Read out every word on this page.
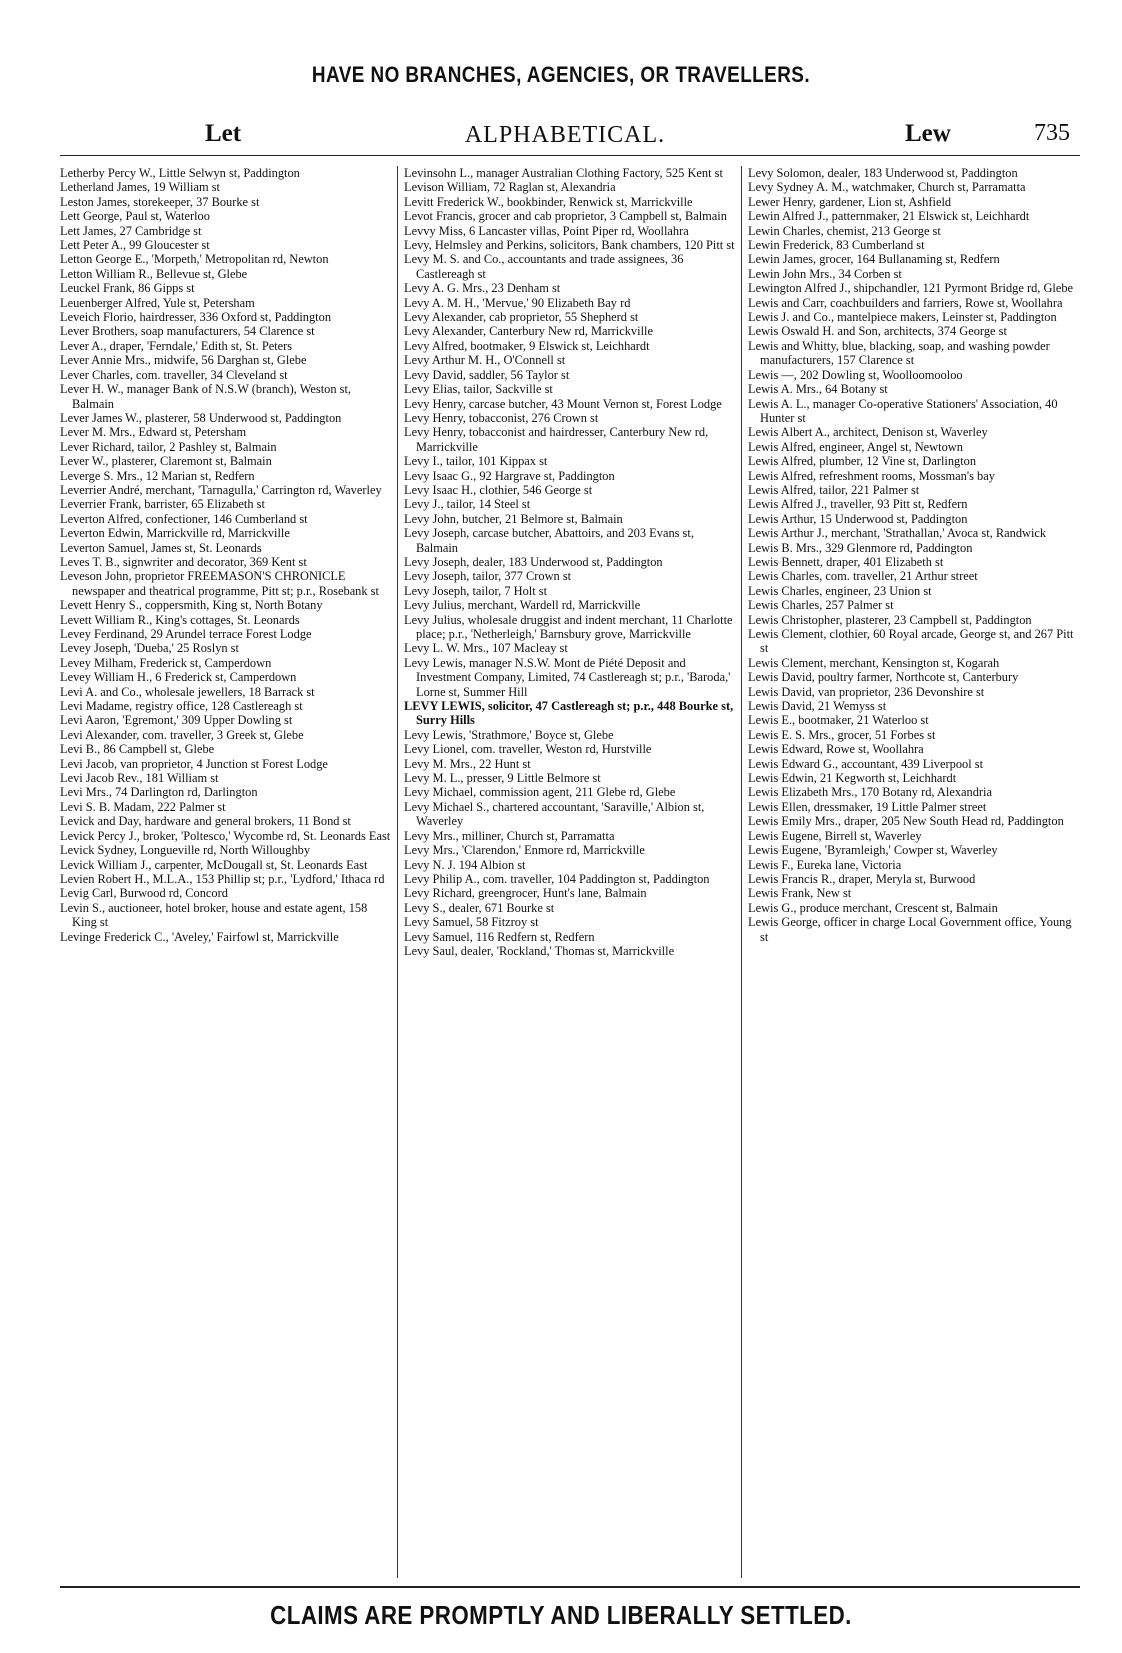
HAVE NO BRANCHES, AGENCIES, OR TRAVELLERS.
Let	ALPHABETICAL.	Lew	735

Letherby Percy W., Little Selwyn st, Paddington

Letherland James, 19 William st

Leston James, storekeeper, 37 Bourke st

Lett George, Paul st, Waterloo

Lett James, 27 Cambridge st

Lett Peter A., 99 Gloucester st

Letton George E., 'Morpeth,' Metropolitan rd, Newton

Letton William R., Bellevue st, Glebe

Leuckel Frank, 86 Gipps st

Leuenberger Alfred, Yule st, Petersham

Leveich Florio, hairdresser, 336 Oxford st, Paddington

Lever Brothers, soap manufacturers, 54 Clarence st

Lever A., draper, 'Ferndale,' Edith st, St. Peters

Lever Annie Mrs., midwife, 56 Darghan st, Glebe

Lever Charles, com. traveller, 34 Cleveland st

Lever H. W., manager Bank of N.S.W (branch), Weston st, Balmain

Lever James W., plasterer, 58 Underwood st, Paddington

Lever M. Mrs., Edward st, Petersham

Lever Richard, tailor, 2 Pashley st, Balmain

Lever W., plasterer, Claremont st, Balmain

Leverge S. Mrs., 12 Marian st, Redfern

Leverrier André, merchant, 'Tarnagulla,' Carrington rd, Waverley

Leverrier Frank, barrister, 65 Elizabeth st

Leverton Alfred, confectioner, 146 Cumberland st

Leverton Edwin, Marrickville rd, Marrickville

Leverton Samuel, James st, St. Leonards

Leves T. B., signwriter and decorator, 369 Kent st

Leveson John, proprietor FREEMASON'S CHRONICLE newspaper and theatrical programme, Pitt st; p.r., Rosebank st

Levett Henry S., coppersmith, King st, North Botany

Levett William R., King's cottages, St. Leonards

Levey Ferdinand, 29 Arundel terrace Forest Lodge

Levey Joseph, 'Dueba,' 25 Roslyn st

Levey Milham, Frederick st, Camperdown

Levey William H., 6 Frederick st, Camperdown

Levi A. and Co., wholesale jewellers, 18 Barrack st

Levi Madame, registry office, 128 Castlereagh st

Levi Aaron, 'Egremont,' 309 Upper Dowling st

Levi Alexander, com. traveller, 3 Greek st, Glebe

Levi B., 86 Campbell st, Glebe

Levi Jacob, van proprietor, 4 Junction st Forest Lodge

Levi Jacob Rev., 181 William st

Levi Mrs., 74 Darlington rd, Darlington

Levi S. B. Madam, 222 Palmer st

Levick and Day, hardware and general brokers, 11 Bond st

Levick Percy J., broker, 'Poltesco,' Wycombe rd, St. Leonards East

Levick Sydney, Longueville rd, North Willoughby

Levick William J., carpenter, McDougall st, St. Leonards East

Levien Robert H., M.L.A., 153 Phillip st; p.r., 'Lydford,' Ithaca rd

Levig Carl, Burwood rd, Concord

Levin S., auctioneer, hotel broker, house and estate agent, 158 King st

Levinge Frederick C., 'Aveley,' Fairfowl st, Marrickville

Levinsohn L., manager Australian Clothing Factory, 525 Kent st

Levison William, 72 Raglan st, Alexandria

Levitt Frederick W., bookbinder, Renwick st, Marrickville

Levot Francis, grocer and cab proprietor, 3 Campbell st, Balmain

Levvy Miss, 6 Lancaster villas, Point Piper rd, Woollahra

Levy, Helmsley and Perkins, solicitors, Bank chambers, 120 Pitt st

Levy M. S. and Co., accountants and trade assignees, 36 Castlereagh st

Levy A. G. Mrs., 23 Denham st

Levy A. M. H., 'Mervue,' 90 Elizabeth Bay rd

Levy Alexander, cab proprietor, 55 Shepherd st

Levy Alexander, Canterbury New rd, Marrickville

Levy Alfred, bootmaker, 9 Elswick st, Leichhardt

Levy Arthur M. H., O'Connell st

Levy David, saddler, 56 Taylor st

Levy Elias, tailor, Sackville st

Levy Henry, carcase butcher, 43 Mount Vernon st, Forest Lodge

Levy Henry, tobacconist, 276 Crown st

Levy Henry, tobacconist and hairdresser, Canterbury New rd, Marrickville

Levy I., tailor, 101 Kippax st

Levy Isaac G., 92 Hargrave st, Paddington

Levy Isaac H., clothier, 546 George st

Levy J., tailor, 14 Steel st

Levy John, butcher, 21 Belmore st, Balmain

Levy Joseph, carcase butcher, Abattoirs, and 203 Evans st, Balmain

Levy Joseph, dealer, 183 Underwood st, Paddington

Levy Joseph, tailor, 377 Crown st

Levy Joseph, tailor, 7 Holt st

Levy Julius, merchant, Wardell rd, Marrickville

Levy Julius, wholesale druggist and indent merchant, 11 Charlotte place; p.r., 'Netherleigh,' Barnsbury grove, Marrickville

Levy L. W. Mrs., 107 Macleay st

Levy Lewis, manager N.S.W. Mont de Piété Deposit and Investment Company, Limited, 74 Castlereagh st; p.r., 'Baroda,' Lorne st, Summer Hill

LEVY LEWIS, solicitor, 47 Castlereagh st; p.r., 448 Bourke st, Surry Hills

Levy Lewis, 'Strathmore,' Boyce st, Glebe

Levy Lionel, com. traveller, Weston rd, Hurstville

Levy M. Mrs., 22 Hunt st

Levy M. L., presser, 9 Little Belmore st

Levy Michael, commission agent, 211 Glebe rd, Glebe

Levy Michael S., chartered accountant, 'Saraville,' Albion st, Waverley

Levy Mrs., milliner, Church st, Parramatta

Levy Mrs., 'Clarendon,' Enmore rd, Marrickville

Levy N. J. 194 Albion st

Levy Philip A., com. traveller, 104 Paddington st, Paddington

Levy Richard, greengrocer, Hunt's lane, Balmain

Levy S., dealer, 671 Bourke st

Levy Samuel, 58 Fitzroy st

Levy Samuel, 116 Redfern st, Redfern

Levy Saul, dealer, 'Rockland,' Thomas st, Marrickville

Levy Solomon, dealer, 183 Underwood st, Paddington

Levy Sydney A. M., watchmaker, Church st, Parramatta

Lewer Henry, gardener, Lion st, Ashfield

Lewin Alfred J., patternmaker, 21 Elswick st, Leichhardt

Lewin Charles, chemist, 213 George st

Lewin Frederick, 83 Cumberland st

Lewin James, grocer, 164 Bullanaming st, Redfern

Lewin John Mrs., 34 Corben st

Lewington Alfred J., shipchandler, 121 Pyrmont Bridge rd, Glebe

Lewis and Carr, coachbuilders and farriers, Rowe st, Woollahra

Lewis J. and Co., mantelpiece makers, Leinster st, Paddington

Lewis Oswald H. and Son, architects, 374 George st

Lewis and Whitty, blue, blacking, soap, and washing powder manufacturers, 157 Clarence st

Lewis —, 202 Dowling st, Woolloomooloo

Lewis A. Mrs., 64 Botany st

Lewis A. L., manager Co-operative Stationers' Association, 40 Hunter st

Lewis Albert A., architect, Denison st, Waverley

Lewis Alfred, engineer, Angel st, Newtown

Lewis Alfred, plumber, 12 Vine st, Darlington

Lewis Alfred, refreshment rooms, Mossman's bay

Lewis Alfred, tailor, 221 Palmer st

Lewis Alfred J., traveller, 93 Pitt st, Redfern

Lewis Arthur, 15 Underwood st, Paddington

Lewis Arthur J., merchant, 'Strathallan,' Avoca st, Randwick

Lewis B. Mrs., 329 Glenmore rd, Paddington

Lewis Bennett, draper, 401 Elizabeth st

Lewis Charles, com. traveller, 21 Arthur street

Lewis Charles, engineer, 23 Union st

Lewis Charles, 257 Palmer st

Lewis Christopher, plasterer, 23 Campbell st, Paddington

Lewis Clement, clothier, 60 Royal arcade, George st, and 267 Pitt st

Lewis Clement, merchant, Kensington st, Kogarah

Lewis David, poultry farmer, Northcote st, Canterbury

Lewis David, van proprietor, 236 Devonshire st

Lewis David, 21 Wemyss st

Lewis E., bootmaker, 21 Waterloo st

Lewis E. S. Mrs., grocer, 51 Forbes st

Lewis Edward, Rowe st, Woollahra

Lewis Edward G., accountant, 439 Liverpool st

Lewis Edwin, 21 Kegworth st, Leichhardt

Lewis Elizabeth Mrs., 170 Botany rd, Alexandria

Lewis Ellen, dressmaker, 19 Little Palmer street

Lewis Emily Mrs., draper, 205 New South Head rd, Paddington

Lewis Eugene, Birrell st, Waverley

Lewis Eugene, 'Byramleigh,' Cowper st, Waverley

Lewis F., Eureka lane, Victoria

Lewis Francis R., draper, Meryla st, Burwood

Lewis Frank, New st

Lewis G., produce merchant, Crescent st, Balmain

Lewis George, officer in charge Local Government office, Young st

CLAIMS ARE PROMPTLY AND LIBERALLY SETTLED.
